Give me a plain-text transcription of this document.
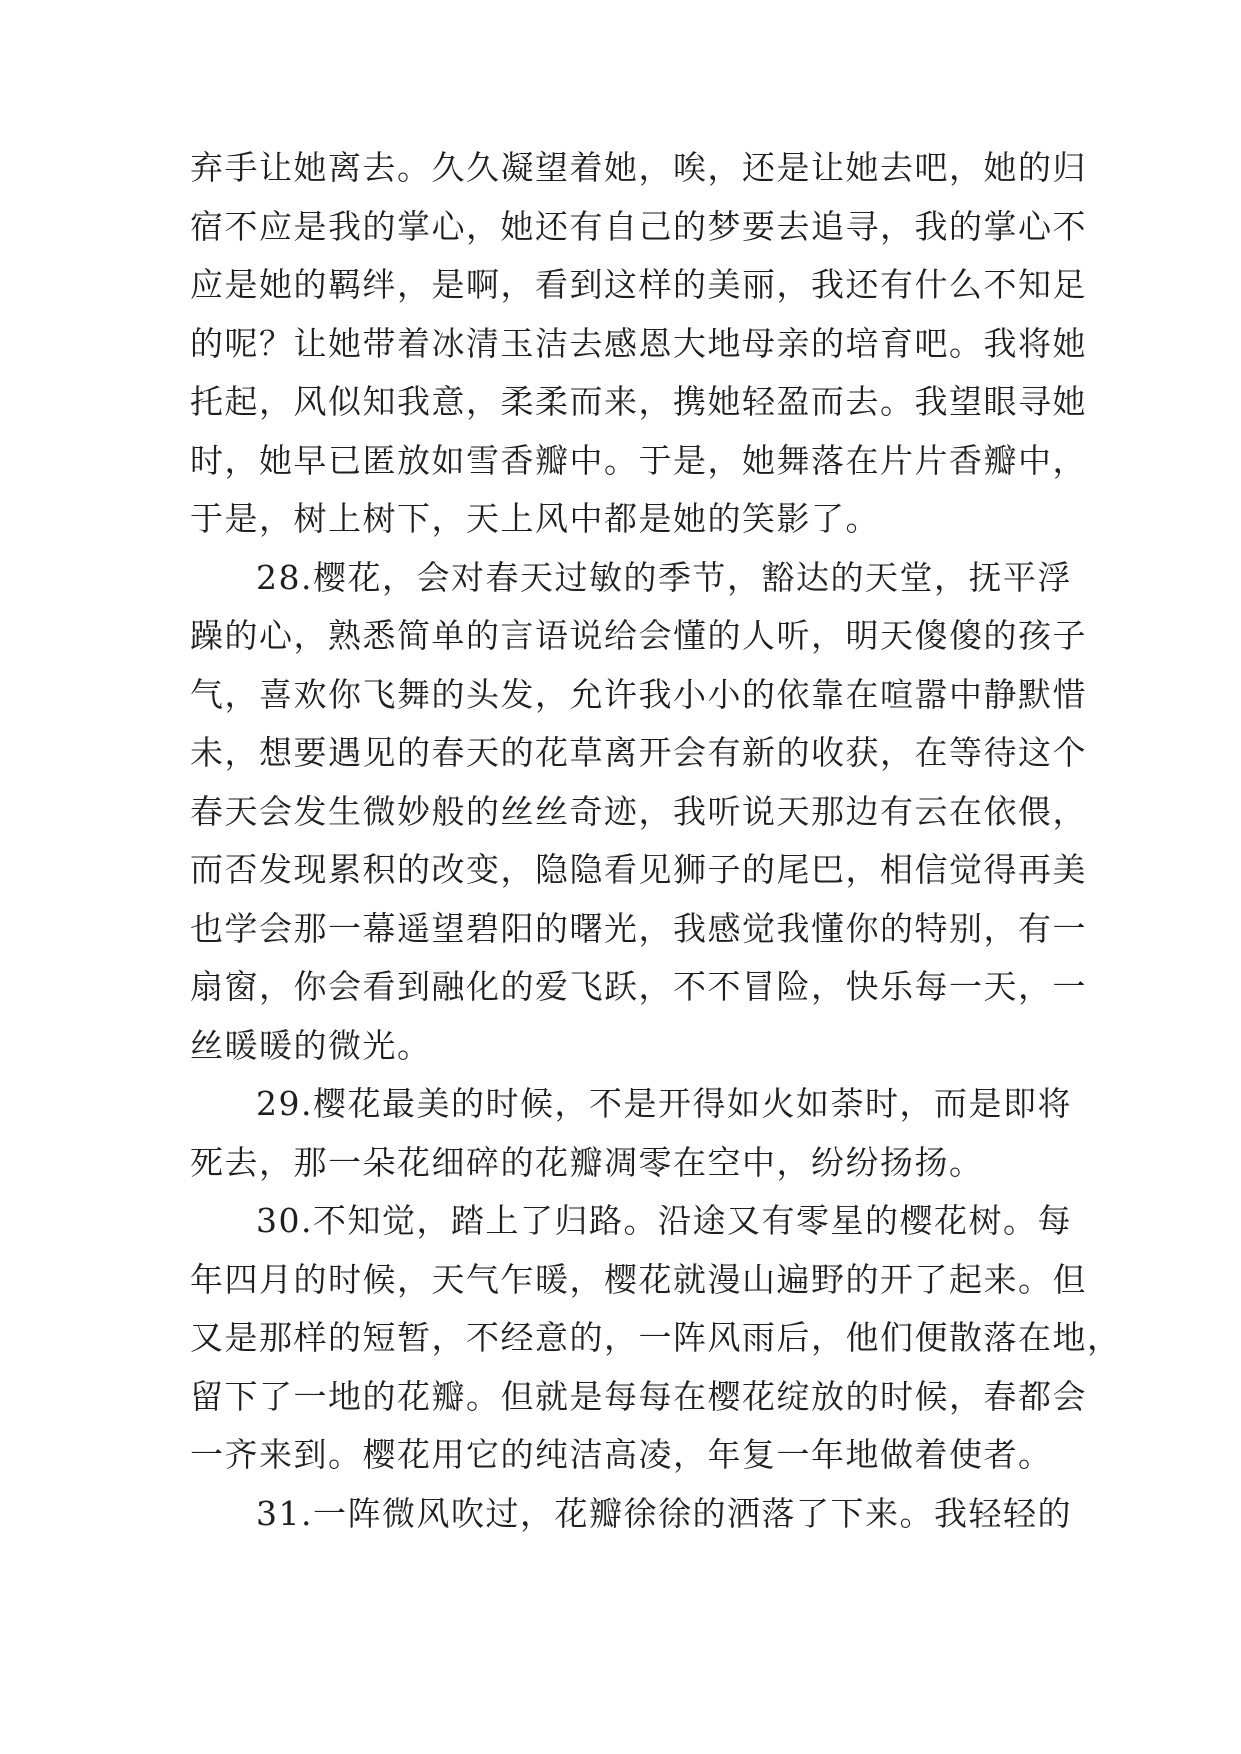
弃手让她离去。久久凝望着她，唉，还是让她去吧，她的归
宿不应是我的掌心，她还有自己的梦要去追寻，我的掌心不
应是她的羁绊，是啊，看到这样的美丽，我还有什么不知足
的呢？让她带着冰清玉洁去感恩大地母亲的培育吧。我将她
托起，风似知我意，柔柔而来，携她轻盈而去。我望眼寻她
时，她早已匿放如雪香瓣中。于是，她舞落在片片香瓣中，
于是，树上树下，天上风中都是她的笑影了。
28.樱花，会对春天过敏的季节，豁达的天堂，抚平浮
躁的心，熟悉简单的言语说给会懂的人听，明天傻傻的孩子
气，喜欢你飞舞的头发，允许我小小的依靠在喧嚣中静默惜
未，想要遇见的春天的花草离开会有新的收获，在等待这个
春天会发生微妙般的丝丝奇迹，我听说天那边有云在依偎，
而否发现累积的改变，隐隐看见狮子的尾巴，相信觉得再美
也学会那一幕遥望碧阳的曙光，我感觉我懂你的特别，有一
扇窗，你会看到融化的爱飞跃，不不冒险，快乐每一天，一
丝暖暖的微光。
29.樱花最美的时候，不是开得如火如荼时，而是即将
死去，那一朵花细碎的花瓣凋零在空中，纷纷扬扬。
30.不知觉，踏上了归路。沿途又有零星的樱花树。每
年四月的时候，天气乍暖，樱花就漫山遍野的开了起来。但
又是那样的短暂，不经意的，一阵风雨后，他们便散落在地，
留下了一地的花瓣。但就是每每在樱花绽放的时候，春都会
一齐来到。樱花用它的纯洁高凌，年复一年地做着使者。
31.一阵微风吹过，花瓣徐徐的洒落了下来。我轻轻的
